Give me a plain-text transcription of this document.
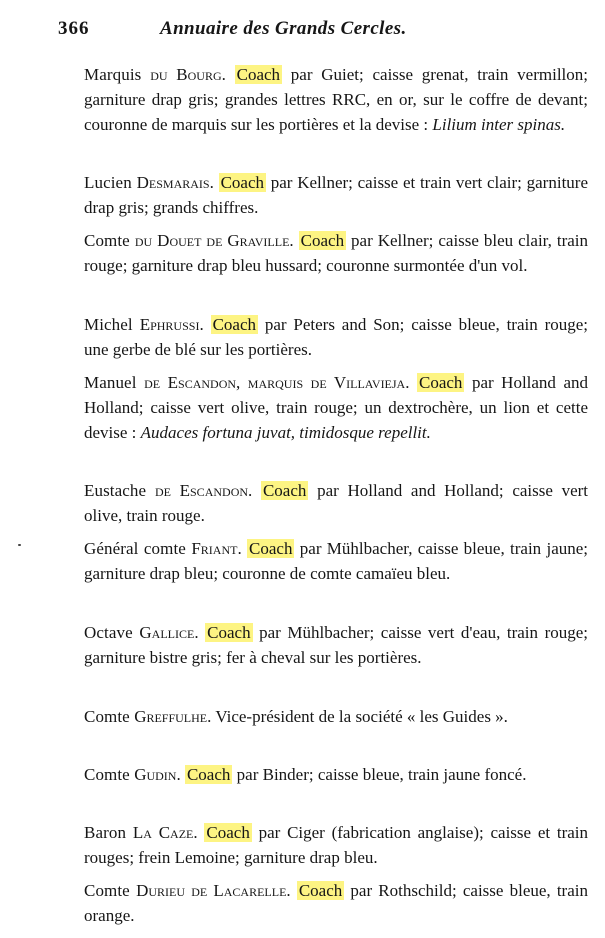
366	Annuaire des Grands Cercles.
Marquis du Bourg. Coach par Guiet; caisse grenat, train vermillon; garniture drap gris; grandes lettres RRC, en or, sur le coffre de devant; couronne de marquis sur les portières et la devise : Lilium inter spinas.
Lucien Desmarais. Coach par Kellner; caisse et train vert clair; garniture drap gris; grands chiffres.
Comte du Douet de Graville. Coach par Kellner; caisse bleu clair, train rouge; garniture drap bleu hussard; couronne surmontée d'un vol.
Michel Ephrussi. Coach par Peters and Son; caisse bleue, train rouge; une gerbe de blé sur les portières.
Manuel de Escandon, marquis de Villavieja. Coach par Holland and Holland; caisse vert olive, train rouge; un dextrochère, un lion et cette devise : Audaces fortuna juvat, timidosque repellit.
Eustache de Escandon. Coach par Holland and Holland; caisse vert olive, train rouge.
Général comte Friant. Coach par Mühlbacher, caisse bleue, train jaune; garniture drap bleu; couronne de comte camaïeu bleu.
Octave Gallice. Coach par Mühlbacher; caisse vert d'eau, train rouge; garniture bistre gris; fer à cheval sur les portières.
Comte Greffulhe. Vice-président de la société « les Guides ».
Comte Gudin. Coach par Binder; caisse bleue, train jaune foncé.
Baron La Caze. Coach par Ciger (fabrication anglaise); caisse et train rouges; frein Lemoine; garniture drap bleu.
Comte Durieu de Lacarelle. Coach par Rothschild; caisse bleue, train orange.
